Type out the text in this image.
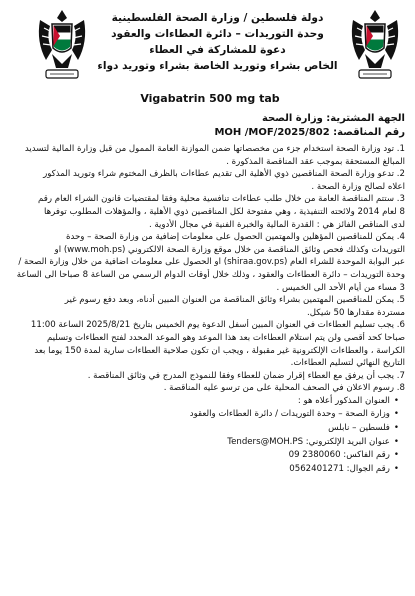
دولة فلسطين / وزارة الصحة الفلسطينية
وحدة التوريدات – دائرة العطاءات والعقود
دعوة للمشاركة في العطاء
الخاص بشراء وتوريد الخاصة بشراء وتوريد دواء
Vigabatrin 500 mg tab
الجهة المشترية: وزارة الصحة
رقم المناقصة: MOH /MOF/2025/802
1. تود وزارة الصحة استخدام جزء من مخصصاتها ضمن الموازنة العامة الممول من قبل وزارة المالية لتسديد
المبالغ المستحقة بموجب عقد المناقصة المذكورة .
2. تدعو وزارة الصحة المناقصين ذوي الأهلية الى تقديم عطاءات بالظرف المختوم شراء وتوريد المذكور
اعلاه لصالح وزارة الصحة .
3. ستتم المناقصة العامة من خلال طلب عطاءات تنافسية محلية وفقا لمقتضيات قانون الشراء العام رقم
8 لعام 2014 ولائحته التنفيذية ، وهي مفتوحة لكل المناقصين ذوي الأهلية ، والمؤهلات المطلوب توفرها
لدى المناقص الفائز هي : القدرة المالية والخبرة الفنية في مجال الأدوية .
4. يمكن للمناقصين المؤهلين والمهتمين الحصول على معلومات إضافية من وزارة الصحة – وحدة
التوريدات وكذلك فحص وثائق المناقصة من خلال موقع وزارة الصحة الالكتروني (www.moh.ps) او
عبر البوابة الموحدة للشراء العام (shiraa.gov.ps) او الحصول على معلومات اضافية من خلال وزارة الصحة /
وحدة التوريدات – دائرة العطاءات والعقود ، وذلك خلال أوقات الدوام الرسمي من الساعة 8 صباحا الى الساعة
3 مساء من أيام الأحد الى الخميس .
5. يمكن للمناقصين المهتمين بشراء وثائق المناقصة من العنوان المبين أدناه، وبعد دفع رسوم غير
مستردة مقدارها 50 شيكل.
6. يجب تسليم العطاءات في العنوان المبين أسفل الدعوة يوم الخميس بتاريخ 2025/8/21 الساعة 11:00
صباحا كحد أقصى ولن يتم استلام العطاءات بعد هذا الموعد وهو الموعد المحدد لفتح العطاءات وتسليم
الكراسة ، والعطاءات الإلكترونية غير مقبولة ، ويجب ان تكون صلاحية العطاءات سارية لمدة 150 يوما بعد
التاريخ النهائي لتسليم العطاءات.
7. يجب أن يرفق مع العطاء إقرار ضمان للعطاء وفقا للنموذج المدرج في وثائق المناقصة .
8. رسوم الاعلان في الصحف المحلية على من ترسو عليه المناقصة .
•العنوان المذكور أعلاه هو :
•وزارة الصحة – وحدة التوريدات / دائرة العطاءات والعقود
•فلسطين – نابلس
•عنوان البريد الإلكتروني: Tenders@MOH.PS
•رقم الفاكس: 2380060 09
•رقم الجوال: 0562401271
